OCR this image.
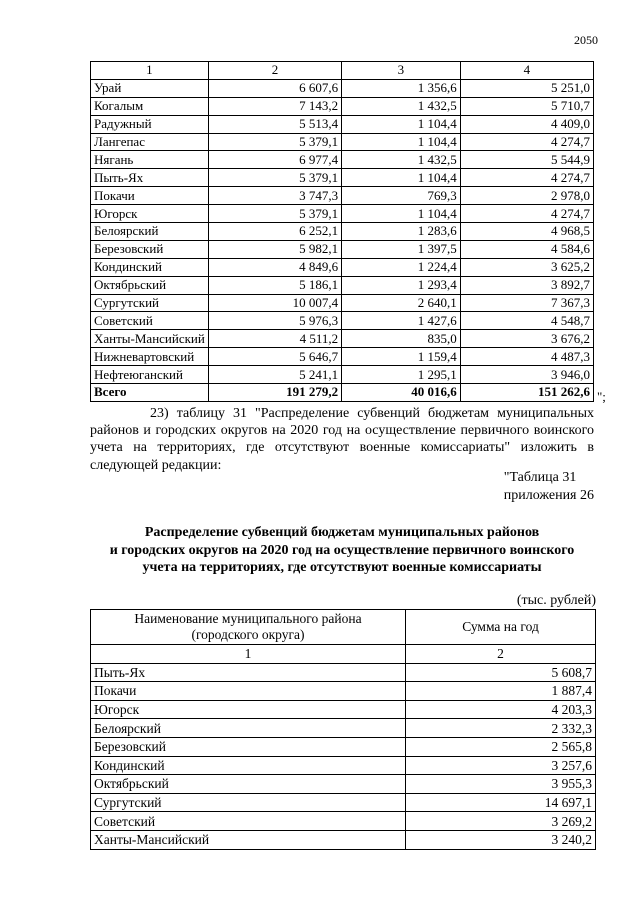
2050
1	2	3	4
Урай	6 607,6	1 356,6	5 251,0
Когалым	7 143,2	1 432,5	5 710,7
Радужный	5 513,4	1 104,4	4 409,0
Лангепас	5 379,1	1 104,4	4 274,7
Нягань	6 977,4	1 432,5	5 544,9
Пыть-Ях	5 379,1	1 104,4	4 274,7
Покачи	3 747,3	769,3	2 978,0
Югорск	5 379,1	1 104,4	4 274,7
Белоярский	6 252,1	1 283,6	4 968,5
Березовский	5 982,1	1 397,5	4 584,6
Кондинский	4 849,6	1 224,4	3 625,2
Октябрьский	5 186,1	1 293,4	3 892,7
Сургутский	10 007,4	2 640,1	7 367,3
Советский	5 976,3	1 427,6	4 548,7
Ханты-Мансийский	4 511,2	835,0	3 676,2
Нижневартовский	5 646,7	1 159,4	4 487,3
Нефтеюганский	5 241,1	1 295,1	3 946,0
Всего	191 279,2	40 016,6	151 262,6 ";
23) таблицу 31 "Распределение субвенций бюджетам муниципальных районов и городских округов на 2020 год на осуществление первичного воинского учета на территориях, где отсутствуют военные комиссариаты" изложить в следующей редакции:
"Таблица 31
приложения 26
Распределение субвенций бюджетам муниципальных районов
и городских округов на 2020 год на осуществление первичного воинского
учета на территориях, где отсутствуют военные комиссариаты
(тыс. рублей)
Наименование муниципального района
(городского округа)	Сумма на год
1	2
Пыть-Ях	5 608,7
Покачи	1 887,4
Югорск	4 203,3
Белоярский	2 332,3
Березовский	2 565,8
Кондинский	3 257,6
Октябрьский	3 955,3
Сургутский	14 697,1
Советский	3 269,2
Ханты-Мансийский	3 240,2
